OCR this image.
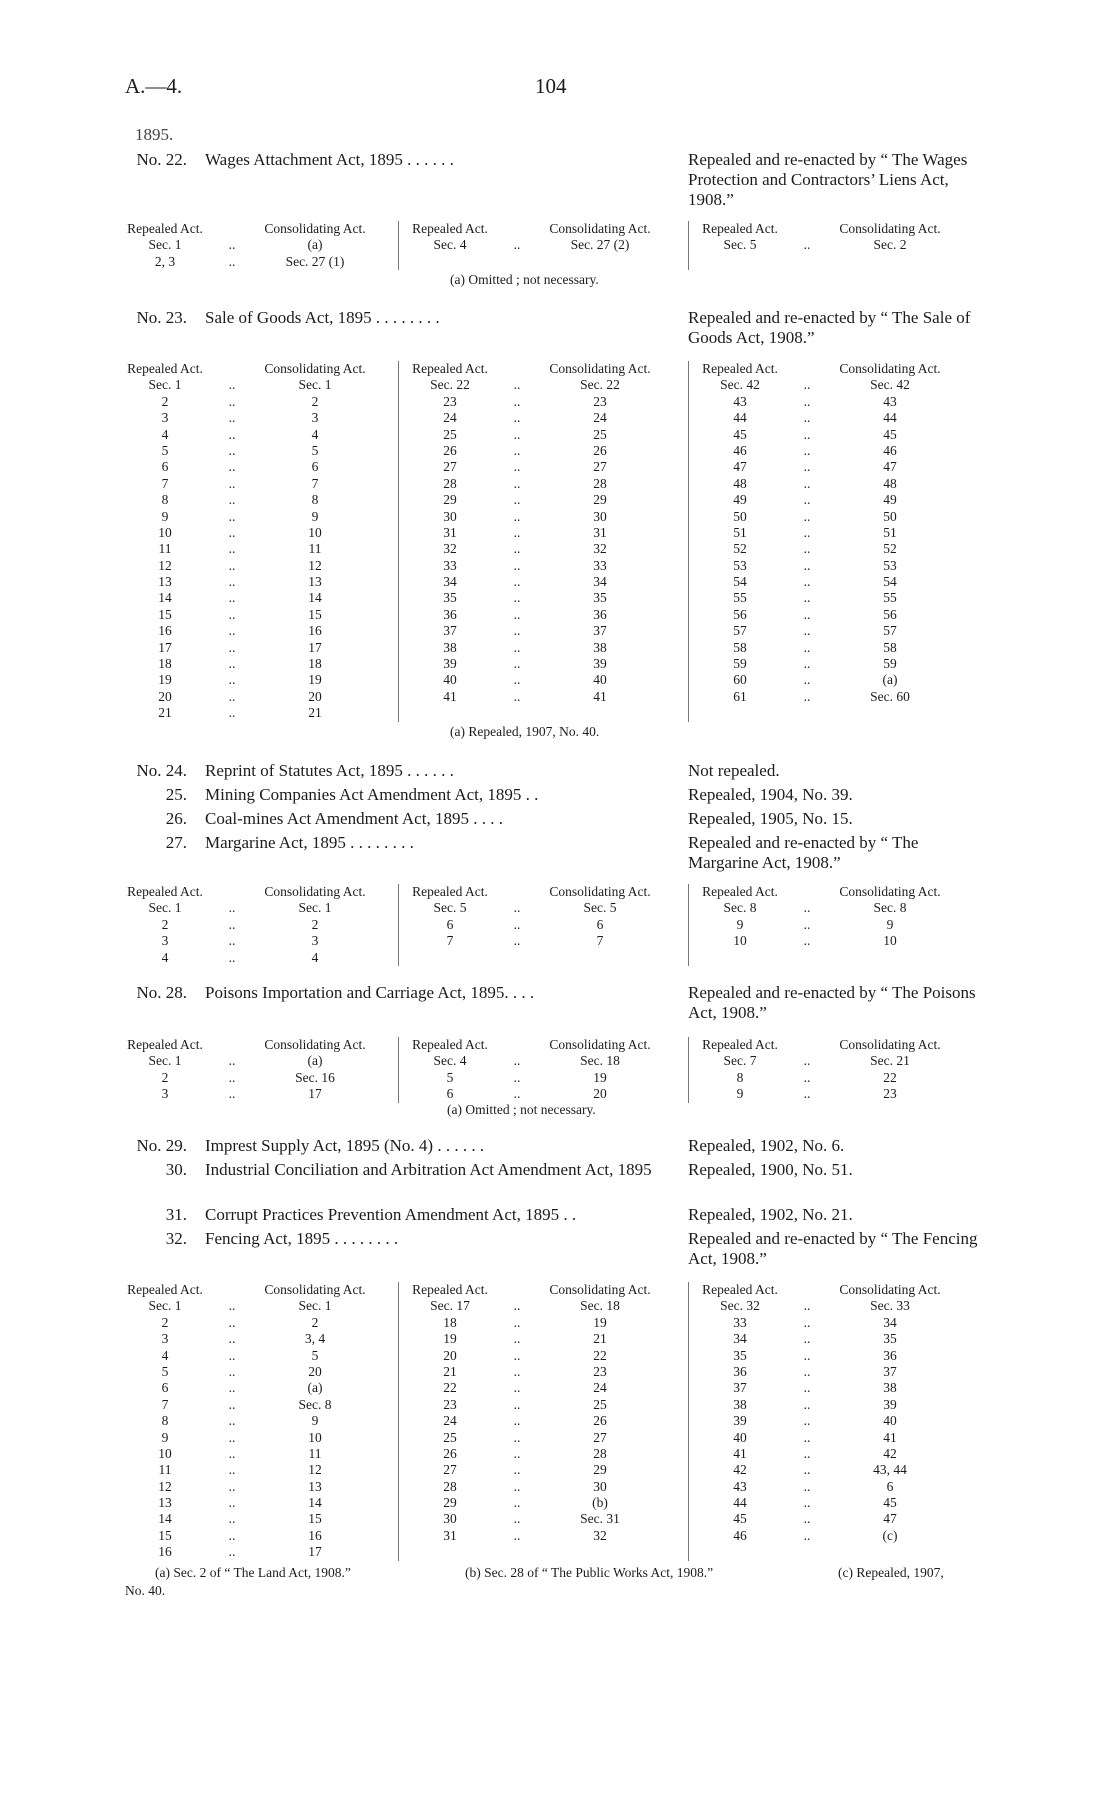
A.—4.	104
1895.
No. 22. Wages Attachment Act, 1895 . . . . . .	Repealed and re-enacted by “ The Wages Protection and Contractors’ Liens Act, 1908.”
Repealed Act.	Consolidating Act.
Sec. 1	..	(a)
2, 3	..	Sec. 27 (1)
Repealed Act.	Consolidating Act.
Sec. 4	..	Sec. 27 (2)
Repealed Act.	Consolidating Act.
Sec. 5	..	Sec. 2
(a) Omitted ; not necessary.
No. 23. Sale of Goods Act, 1895 . . . . . . . .	Repealed and re-enacted by “ The Sale of Goods Act, 1908.”
Repealed Act.	Consolidating Act.
Sec. 1	..	Sec. 1
2	..	2
3	..	3
4	..	4
5	..	5
6	..	6
7	..	7
8	..	8
9	..	9
10	..	10
11	..	11
12	..	12
13	..	13
14	..	14
15	..	15
16	..	16
17	..	17
18	..	18
19	..	19
20	..	20
21	..	21
Repealed Act.	Consolidating Act.
Sec. 22	..	Sec. 22
23	..	23
24	..	24
25	..	25
26	..	26
27	..	27
28	..	28
29	..	29
30	..	30
31	..	31
32	..	32
33	..	33
34	..	34
35	..	35
36	..	36
37	..	37
38	..	38
39	..	39
40	..	40
41	..	41
Repealed Act.	Consolidating Act.
Sec. 42	..	Sec. 42
43	..	43
44	..	44
45	..	45
46	..	46
47	..	47
48	..	48
49	..	49
50	..	50
51	..	51
52	..	52
53	..	53
54	..	54
55	..	55
56	..	56
57	..	57
58	..	58
59	..	59
60	..	(a)
61	..	Sec. 60
(a) Repealed, 1907, No. 40.
No. 24. Reprint of Statutes Act, 1895 . . . . . .	Not repealed.
25. Mining Companies Act Amendment Act, 1895 . .	Repealed, 1904, No. 39.
26. Coal-mines Act Amendment Act, 1895 . . . .	Repealed, 1905, No. 15.
27. Margarine Act, 1895 . . . . . . . .	Repealed and re-enacted by “ The Margarine Act, 1908.”
Repealed Act.	Consolidating Act.
Sec. 1	..	Sec. 1
2	..	2
3	..	3
4	..	4
Repealed Act.	Consolidating Act.
Sec. 5	..	Sec. 5
6	..	6
7	..	7
Repealed Act.	Consolidating Act.
Sec. 8	..	Sec. 8
9	..	9
10	..	10
No. 28. Poisons Importation and Carriage Act, 1895. . . .	Repealed and re-enacted by “ The Poisons Act, 1908.”
Repealed Act.	Consolidating Act.
Sec. 1	..	(a)
2	..	Sec. 16
3	..	17
Repealed Act.	Consolidating Act.
Sec. 4	..	Sec. 18
5	..	19
6	..	20
Repealed Act.	Consolidating Act.
Sec. 7	..	Sec. 21
8	..	22
9	..	23
(a) Omitted ; not necessary.
No. 29. Imprest Supply Act, 1895 (No. 4) . . . . . .	Repealed, 1902, No. 6.
30. Industrial Conciliation and Arbitration Act Amendment Act, 1895	Repealed, 1900, No. 51.
31. Corrupt Practices Prevention Amendment Act, 1895 . .	Repealed, 1902, No. 21.
32. Fencing Act, 1895 . . . . . . . .	Repealed and re-enacted by “ The Fencing Act, 1908.”
Repealed Act.	Consolidating Act.
Sec. 1	..	Sec. 1
2	..	2
3	..	3, 4
4	..	5
5	..	20
6	..	(a)
7	..	Sec. 8
8	..	9
9	..	10
10	..	11
11	..	12
12	..	13
13	..	14
14	..	15
15	..	16
16	..	17
Repealed Act.	Consolidating Act.
Sec. 17	..	Sec. 18
18	..	19
19	..	21
20	..	22
21	..	23
22	..	24
23	..	25
24	..	26
25	..	27
26	..	28
27	..	29
28	..	30
29	..	(b)
30	..	Sec. 31
31	..	32
Repealed Act.	Consolidating Act.
Sec. 32	..	Sec. 33
33	..	34
34	..	35
35	..	36
36	..	37
37	..	38
38	..	39
39	..	40
40	..	41
41	..	42
42	..	43, 44
43	..	6
44	..	45
45	..	47
46	..	(c)
(a) Sec. 2 of “ The Land Act, 1908.”	(b) Sec. 28 of “ The Public Works Act, 1908.”	(c) Repealed, 1907,
No. 40.
